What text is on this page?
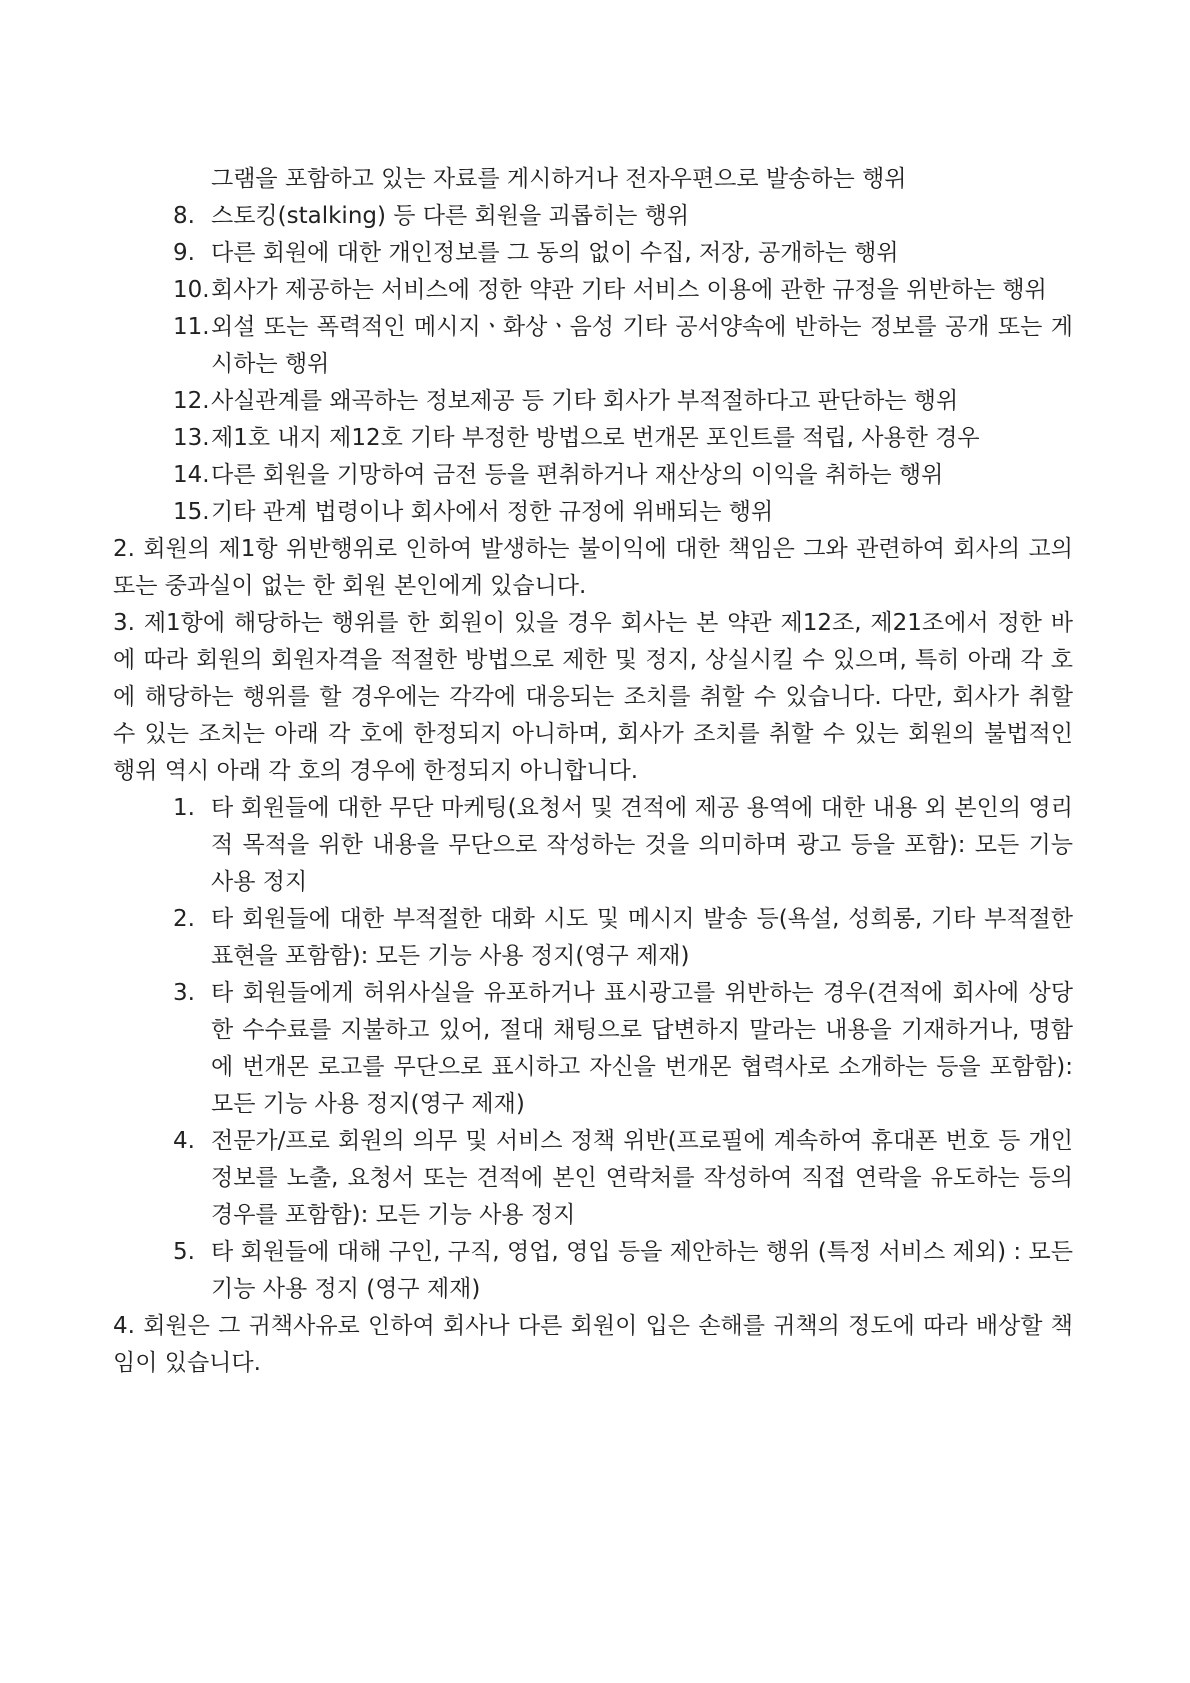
그램을 포함하고 있는 자료를 게시하거나 전자우편으로 발송하는 행위

8. 스토킹(stalking) 등 다른 회원을 괴롭히는 행위

9. 다른 회원에 대한 개인정보를 그 동의 없이 수집, 저장, 공개하는 행위

10. 회사가 제공하는 서비스에 정한 약관 기타 서비스 이용에 관한 규정을 위반하는 행위

11. 외설 또는 폭력적인 메시지ㆍ화상ㆍ음성 기타 공서양속에 반하는 정보를 공개 또는 게시하는 행위

12. 사실관계를 왜곡하는 정보제공 등 기타 회사가 부적절하다고 판단하는 행위

13. 제1호 내지 제12호 기타 부정한 방법으로 번개몬 포인트를 적립, 사용한 경우

14. 다른 회원을 기망하여 금전 등을 편취하거나 재산상의 이익을 취하는 행위

15. 기타 관계 법령이나 회사에서 정한 규정에 위배되는 행위

2. 회원의 제1항 위반행위로 인하여 발생하는 불이익에 대한 책임은 그와 관련하여 회사의 고의 또는 중과실이 없는 한 회원 본인에게 있습니다.

3. 제1항에 해당하는 행위를 한 회원이 있을 경우 회사는 본 약관 제12조, 제21조에서 정한 바에 따라 회원의 회원자격을 적절한 방법으로 제한 및 정지, 상실시킬 수 있으며, 특히 아래 각 호에 해당하는 행위를 할 경우에는 각각에 대응되는 조치를 취할 수 있습니다. 다만, 회사가 취할 수 있는 조치는 아래 각 호에 한정되지 아니하며, 회사가 조치를 취할 수 있는 회원의 불법적인 행위 역시 아래 각 호의 경우에 한정되지 아니합니다.

1. 타 회원들에 대한 무단 마케팅(요청서 및 견적에 제공 용역에 대한 내용 외 본인의 영리적 목적을 위한 내용을 무단으로 작성하는 것을 의미하며 광고 등을 포함): 모든 기능 사용 정지

2. 타 회원들에 대한 부적절한 대화 시도 및 메시지 발송 등(욕설, 성희롱, 기타 부적절한 표현을 포함함): 모든 기능 사용 정지(영구 제재)

3. 타 회원들에게 허위사실을 유포하거나 표시광고를 위반하는 경우(견적에 회사에 상당한 수수료를 지불하고 있어, 절대 채팅으로 답변하지 말라는 내용을 기재하거나, 명함에 번개몬 로고를 무단으로 표시하고 자신을 번개몬 협력사로 소개하는 등을 포함함): 모든 기능 사용 정지(영구 제재)

4. 전문가/프로 회원의 의무 및 서비스 정책 위반(프로필에 계속하여 휴대폰 번호 등 개인정보를 노출, 요청서 또는 견적에 본인 연락처를 작성하여 직접 연락을 유도하는 등의 경우를 포함함): 모든 기능 사용 정지

5. 타 회원들에 대해 구인, 구직, 영업, 영입 등을 제안하는 행위 (특정 서비스 제외) : 모든 기능 사용 정지 (영구 제재)

4. 회원은 그 귀책사유로 인하여 회사나 다른 회원이 입은 손해를 귀책의 정도에 따라 배상할 책임이 있습니다.
